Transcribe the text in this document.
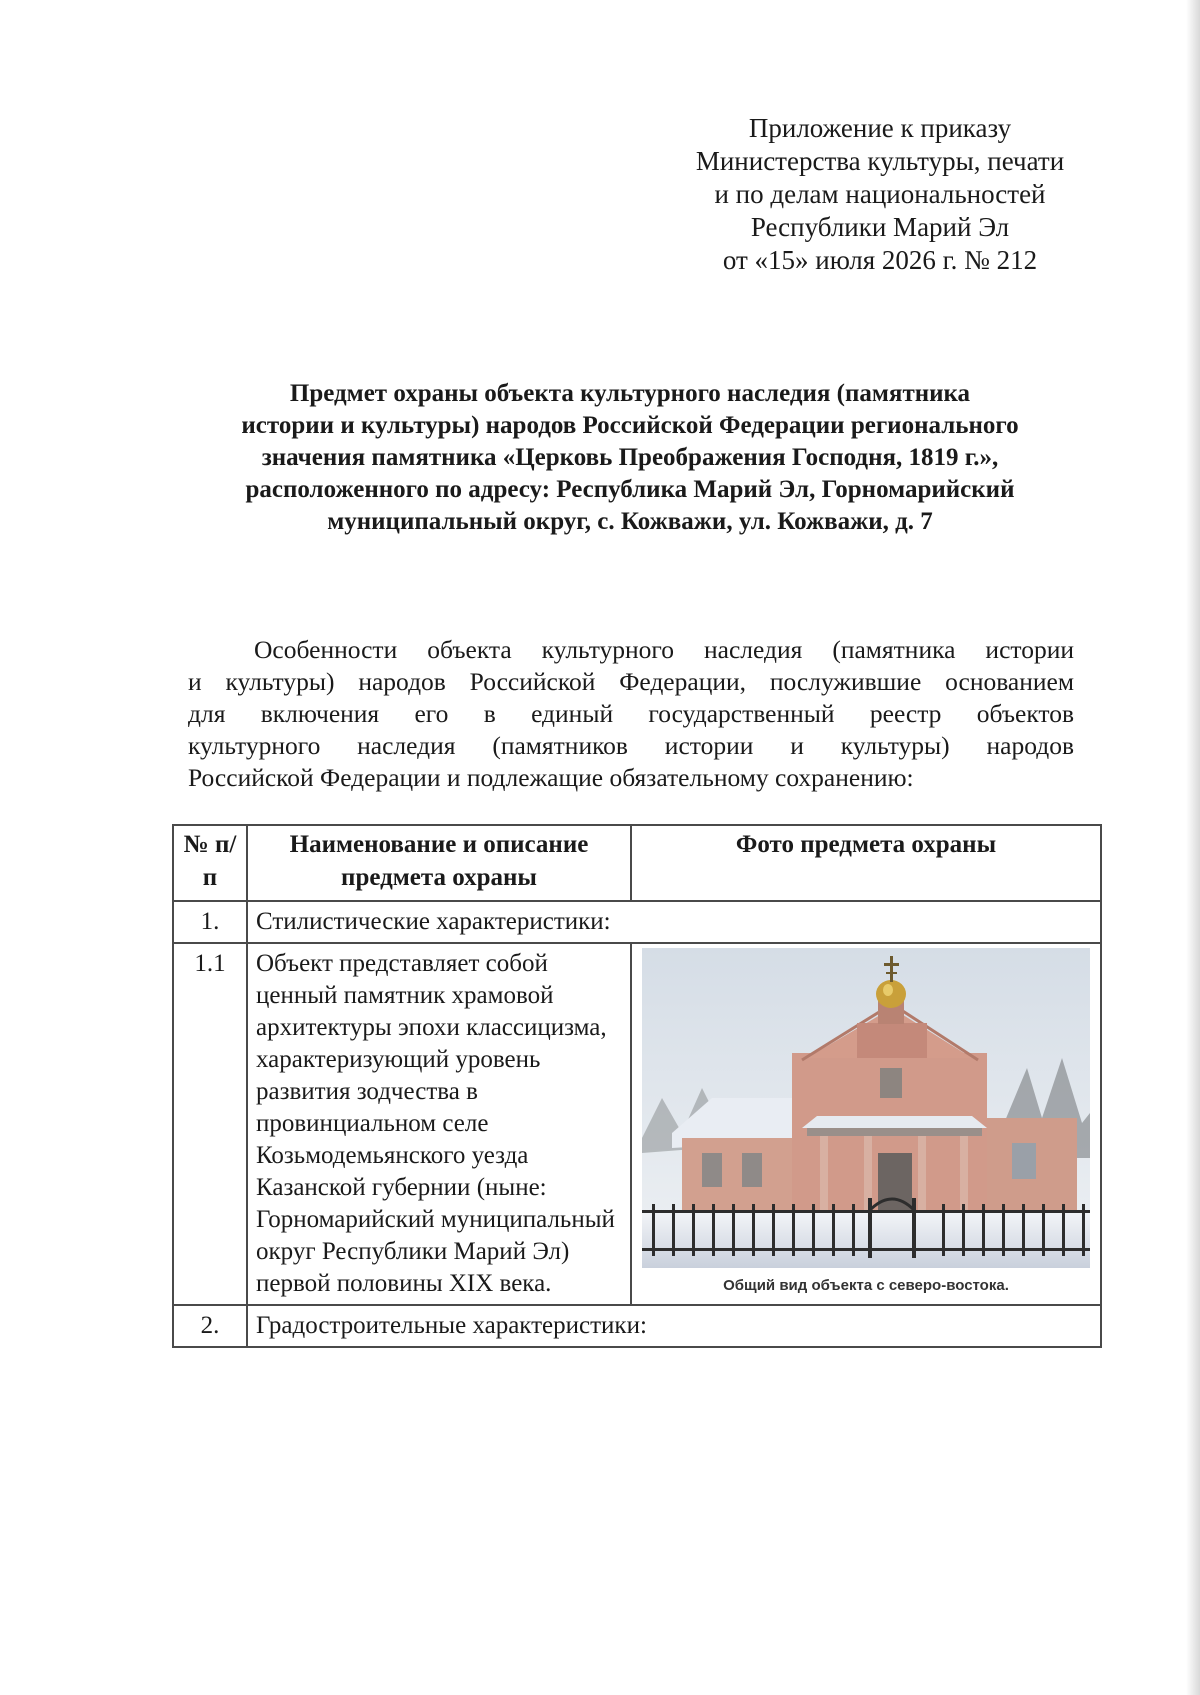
Приложение к приказу
Министерства культуры, печати
и по делам национальностей
Республики Марий Эл
от «15» июля 2026 г. № 212
Предмет охраны объекта культурного наследия (памятника
истории и культуры) народов Российской Федерации регионального
значения памятника «Церковь Преображения Господня, 1819 г.»,
расположенного по адресу: Республика Марий Эл, Горномарийский
муниципальный округ, с. Кожважи, ул. Кожважи, д. 7
Особенности объекта культурного наследия (памятника истории
и культуры) народов Российской Федерации, послужившие основанием
для включения его в единый государственный реестр объектов
культурного наследия (памятников истории и культуры) народов
Российской Федерации и подлежащие обязательному сохранению:
№ п/п	Наименование и описание предмета охраны	Фото предмета охраны
1.	Стилистические характеристики:	
1.1	Объект представляет собой ценный памятник храмовой архитектуры эпохи классицизма, характеризующий уровень развития зодчества в провинциальном селе Козьмодемьянского уезда Казанской губернии (ныне: Горномарийский муниципальный округ Республики Марий Эл) первой половины XIX века.	Общий вид объекта с северо-востока.

2.	Градостроительные характеристики:	
